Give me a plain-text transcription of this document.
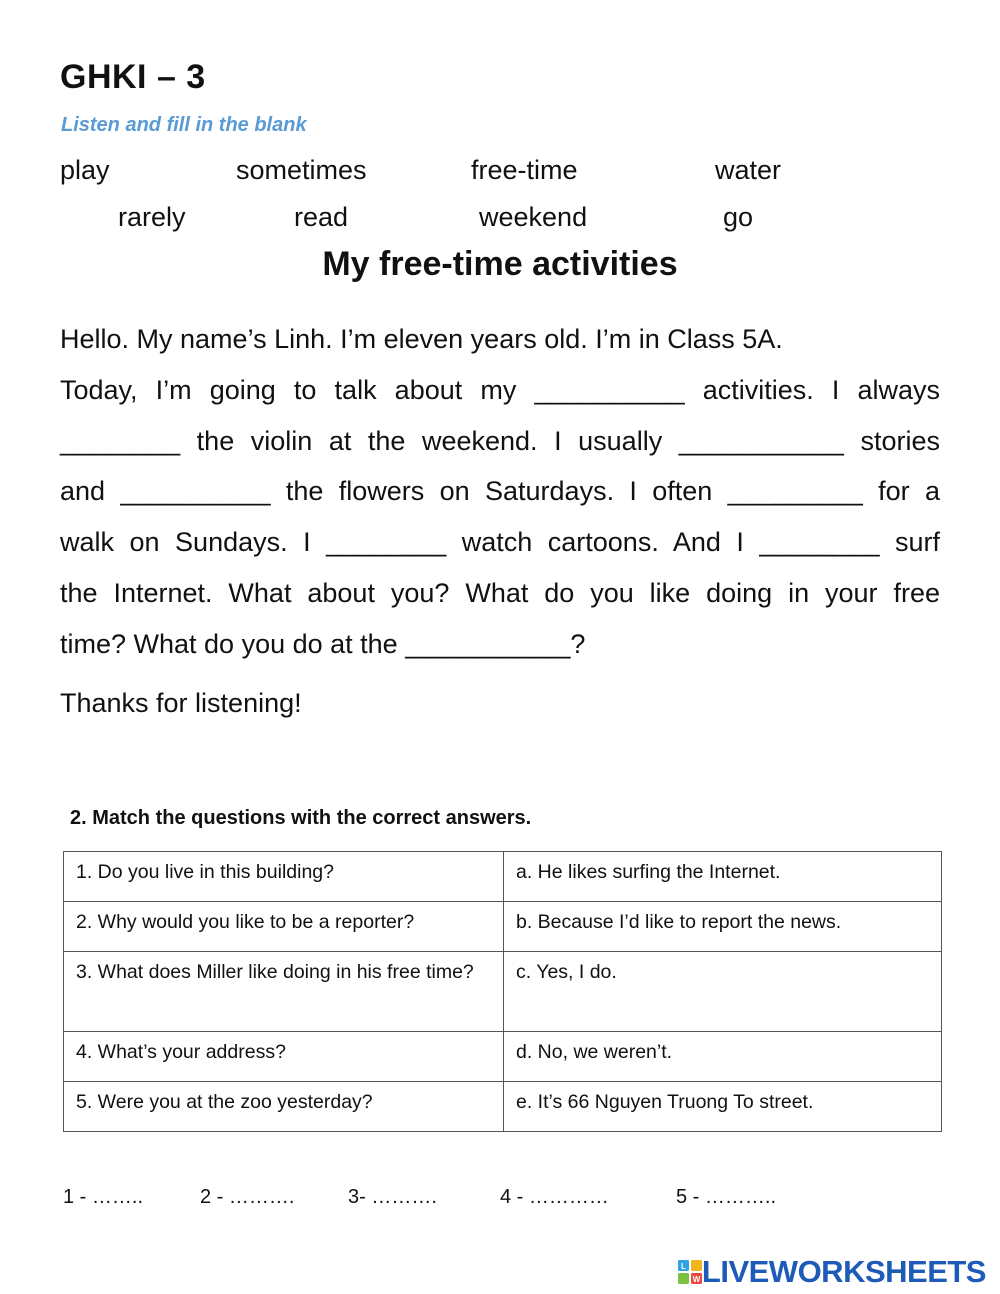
GHKI – 3
Listen and fill in the blank
play	sometimes	free-time	water
rarely	read	weekend	go
My free-time activities
Hello. My name’s Linh. I’m eleven years old. I’m in Class 5A.
Today, I’m going to talk about my __________ activities. I always
________ the violin at the weekend. I usually ___________ stories
and __________ the flowers on Saturdays. I often _________ for a
walk on Sundays. I ________ watch cartoons. And I ________ surf
the Internet. What about you? What do you like doing in your free
time? What do you do at the ___________?
Thanks for listening!
2. Match the questions with the correct answers.
1. Do you live in this building?	a. He likes surfing the Internet.
2. Why would you like to be a reporter?	b. Because I’d like to report the news.
3. What does Miller like doing in his free time?	c. Yes, I do.
4. What’s your address?	d. No, we weren’t.
5. Were you at the zoo yesterday?	e. It’s 66 Nguyen Truong To street.
1 - ……..	2 - ……….	3- ……….	4 - …………	5 - ………..
L
W LIVEWORKSHEETS
